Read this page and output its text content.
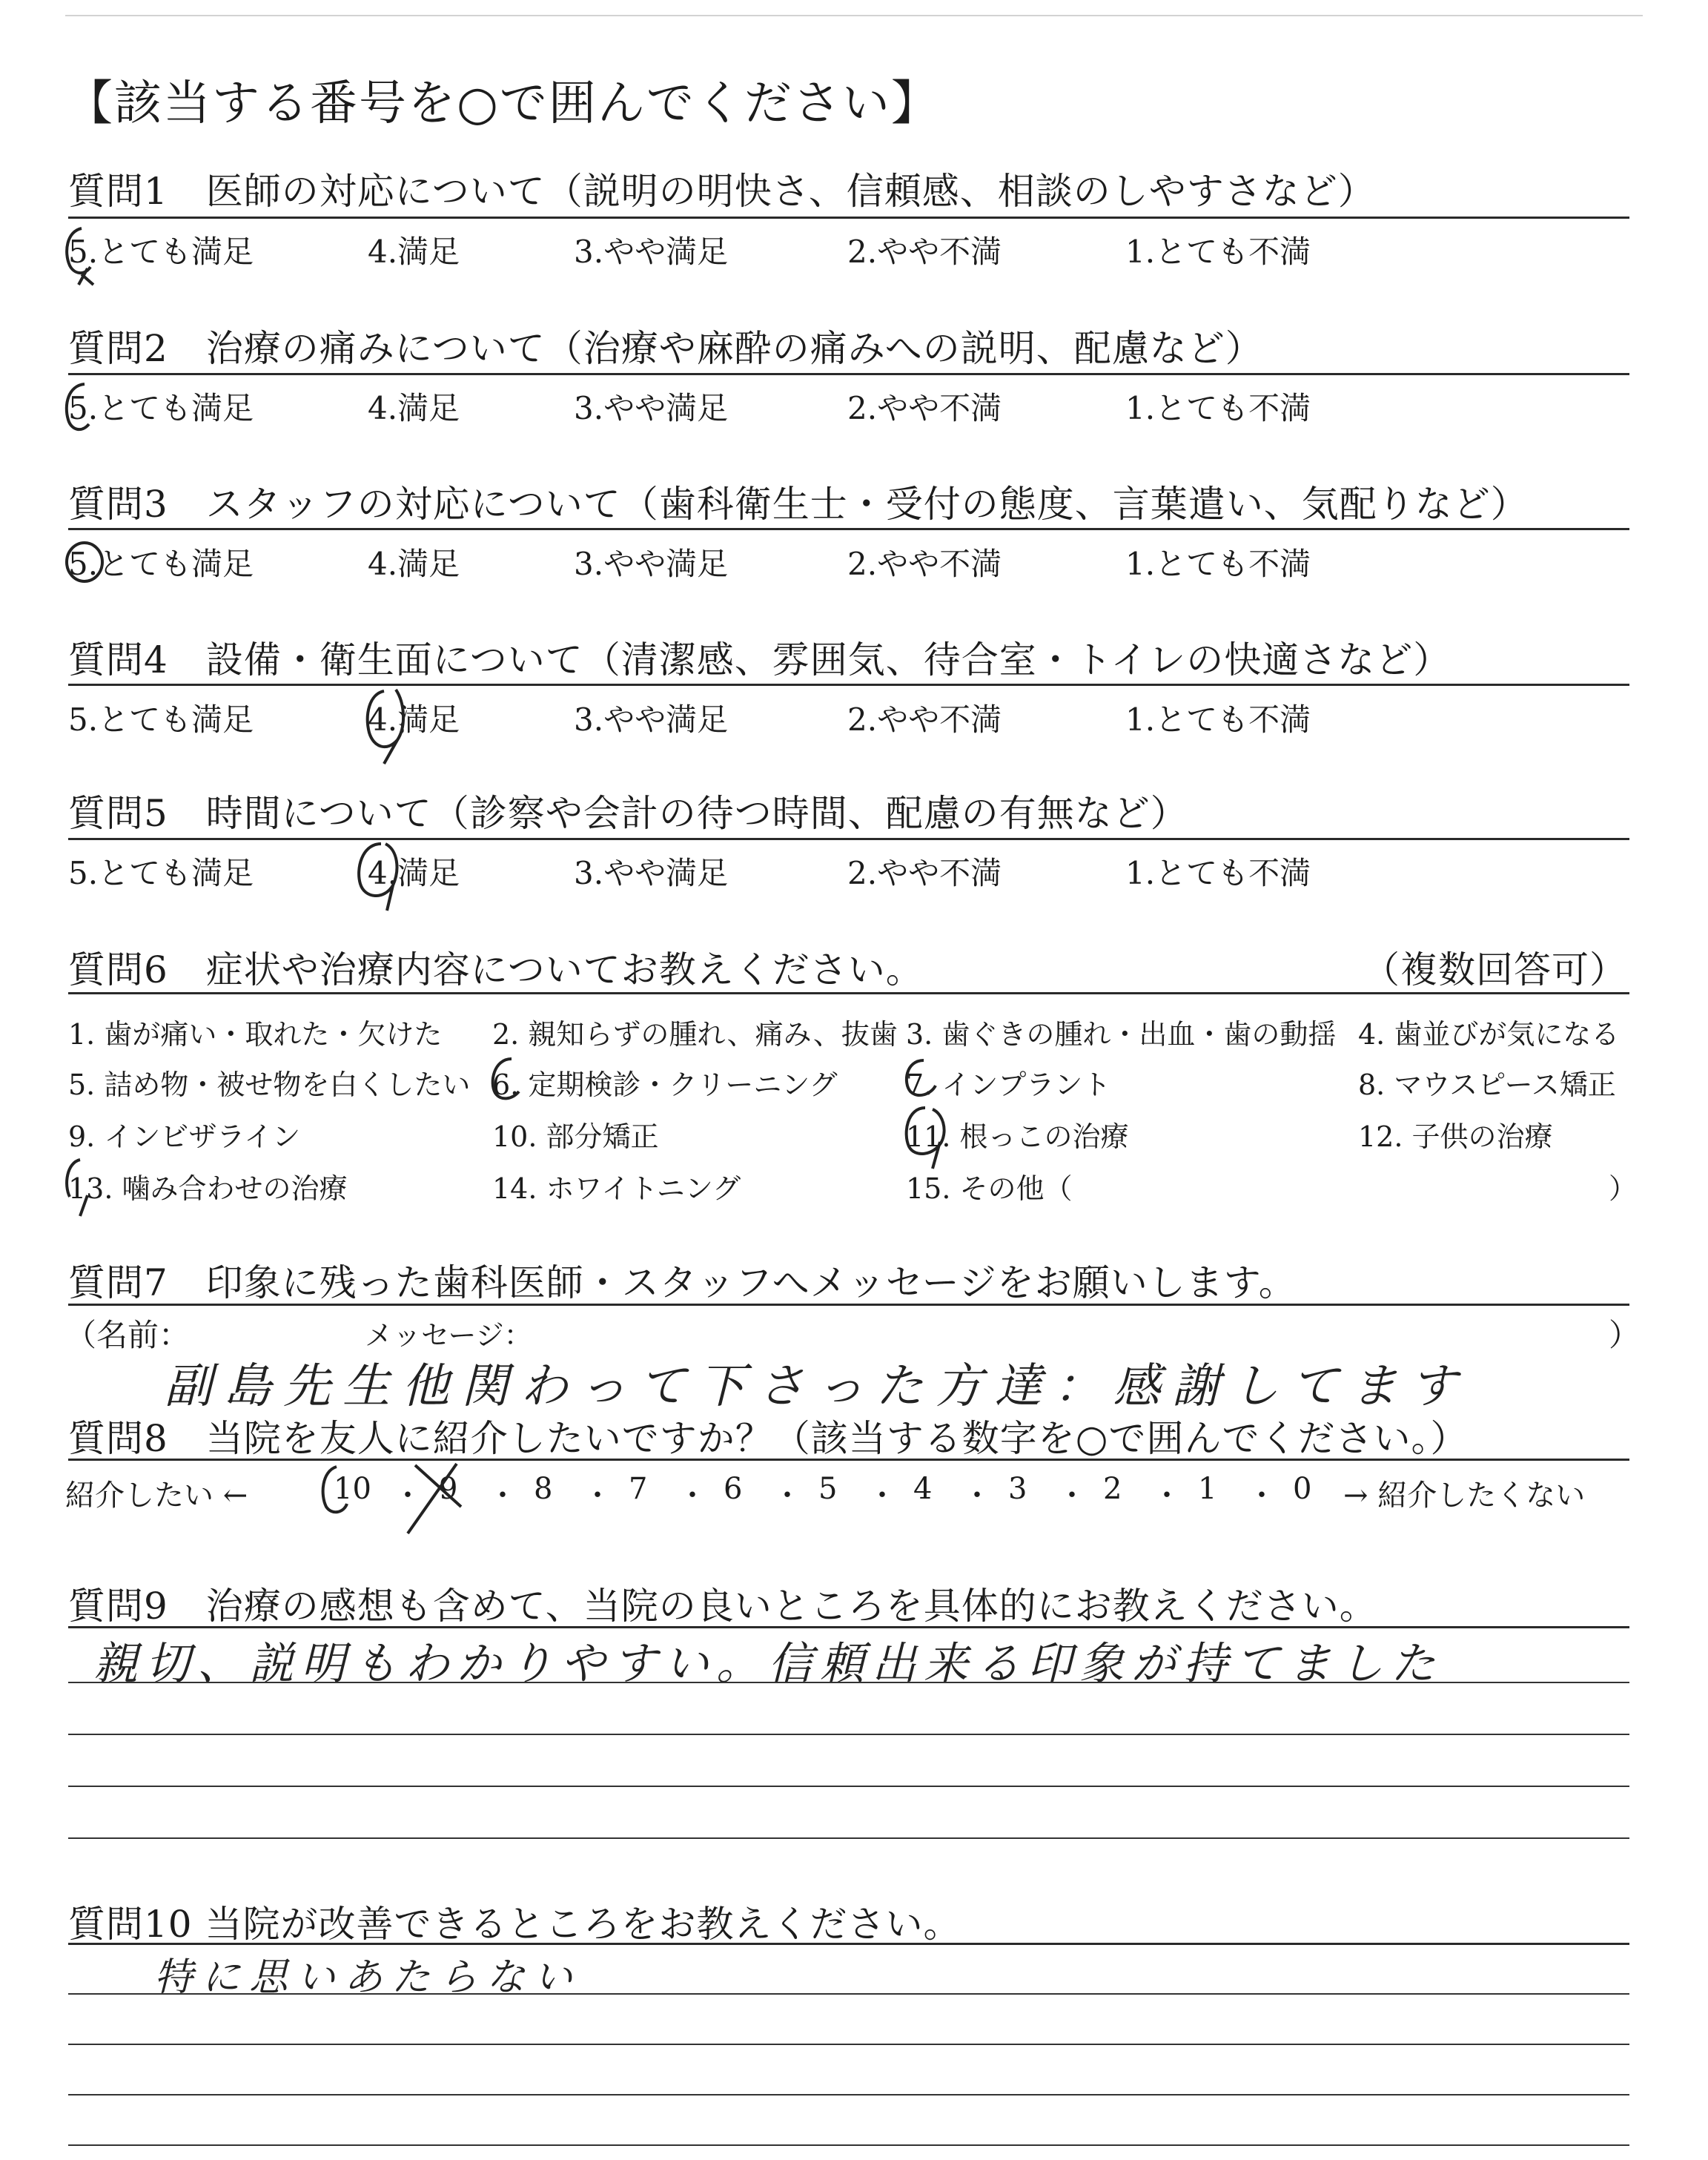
【該当する番号を○で囲んでください】
質問1　医師の対応について（説明の明快さ、信頼感、相談のしやすさなど）
5.とても満足	4.満足	3.やや満足	2.やや不満	1.とても不満
質問2　治療の痛みについて（治療や麻酔の痛みへの説明、配慮など）
5.とても満足	4.満足	3.やや満足	2.やや不満	1.とても不満
質問3　スタッフの対応について（歯科衛生士・受付の態度、言葉遣い、気配りなど）
5.とても満足	4.満足	3.やや満足	2.やや不満	1.とても不満
質問4　設備・衛生面について（清潔感、雰囲気、待合室・トイレの快適さなど）
5.とても満足	4.満足	3.やや満足	2.やや不満	1.とても不満
質問5　時間について（診察や会計の待つ時間、配慮の有無など）
5.とても満足	4.満足	3.やや満足	2.やや不満	1.とても不満
質問6　症状や治療内容についてお教えください。	（複数回答可）
1. 歯が痛い・取れた・欠けた 2. 親知らずの腫れ、痛み、抜歯 3. 歯ぐきの腫れ・出血・歯の動揺 4. 歯並びが気になる
5. 詰め物・被せ物を白くしたい 6. 定期検診・クリーニング 7. インプラント	8. マウスピース矯正
9. インビザライン	10. 部分矯正	11. 根っこの治療	12. 子供の治療
13. 噛み合わせの治療	14. ホワイトニング	15. その他（	）
質問7　印象に残った歯科医師・スタッフへメッセージをお願いします。
（名前：	メッセージ：	）
副島先生他関わって下さった方達：感謝してます
質問8　当院を友人に紹介したいですか？（該当する数字を○で囲んでください。）
紹介したい ←	10 ・ 9 ・ 8 ・ 7 ・ 6 ・ 5 ・ 4 ・ 3 ・ 2 ・ 1 ・ 0 → 紹介したくない
質問9　治療の感想も含めて、当院の良いところを具体的にお教えください。
親切、説明もわかりやすい。信頼出来る印象が持てました
質問10 当院が改善できるところをお教えください。
特に思いあたらない
